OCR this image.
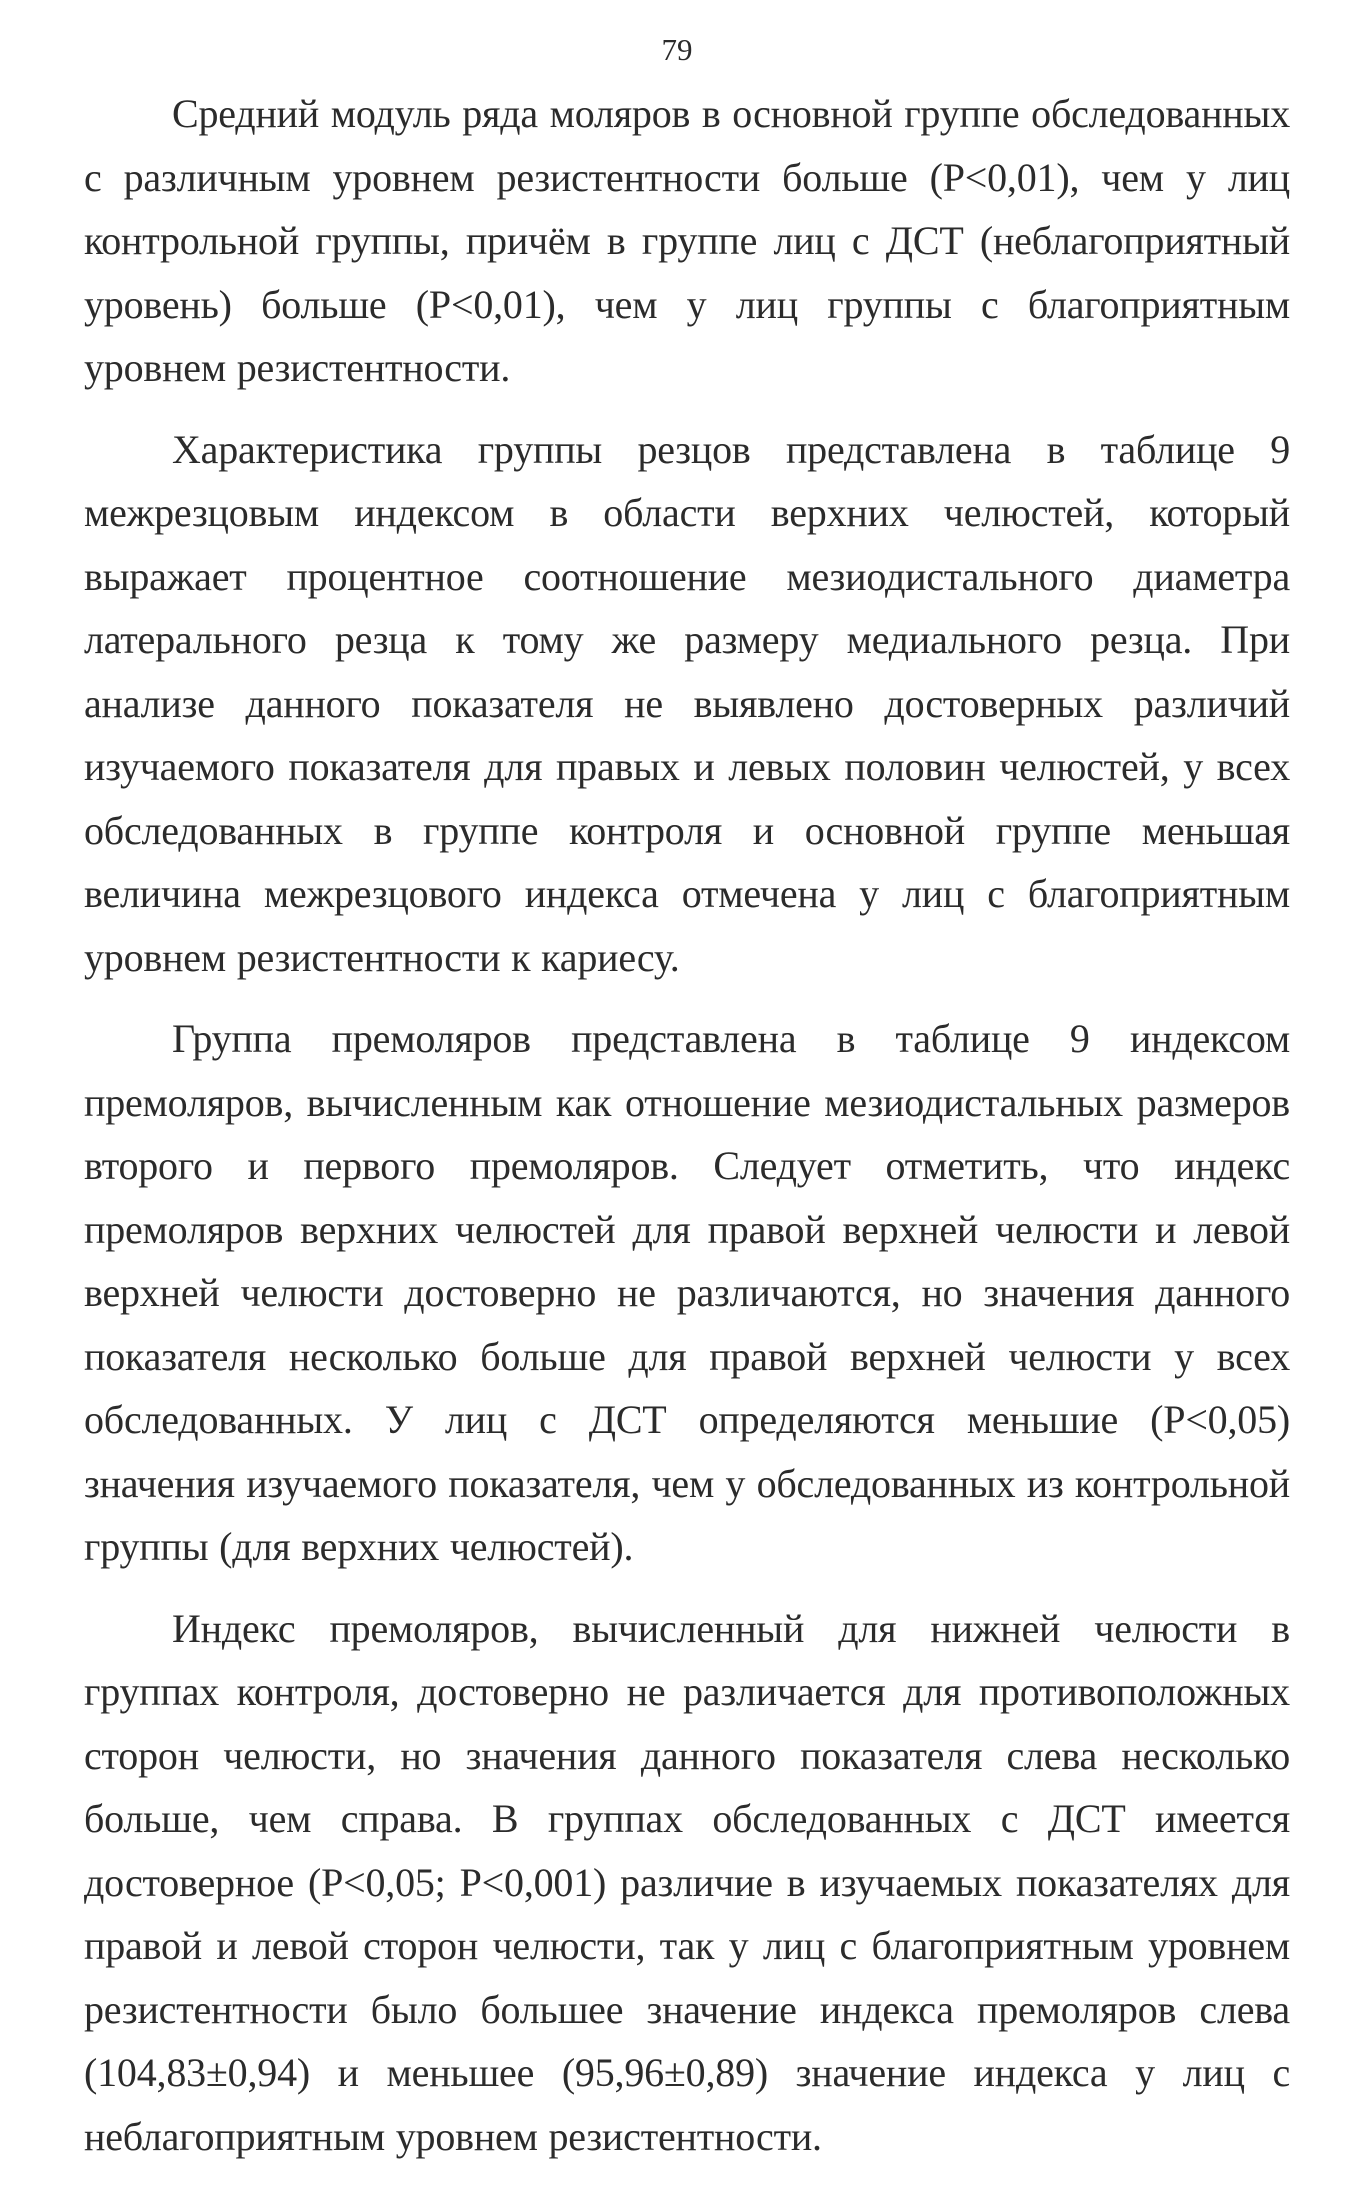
79

Средний модуль ряда моляров в основной группе обследованных с различным уровнем резистентности больше (Р<0,01), чем у лиц контрольной группы, причём в группе лиц с ДСТ (неблагоприятный уровень) больше (Р<0,01), чем у лиц группы с благоприятным уровнем резистентности.

Характеристика группы резцов представлена в таблице 9 межрезцовым индексом в области верхних челюстей, который выражает процентное соотношение мезиодистального диаметра латерального резца к тому же размеру медиального резца. При анализе данного показателя не выявлено достоверных различий изучаемого показателя для правых и левых половин челюстей, у всех обследованных в группе контроля и основной группе меньшая величина межрезцового индекса отмечена у лиц с благоприятным уровнем резистентности к кариесу.

Группа премоляров представлена в таблице 9 индексом премоляров, вычисленным как отношение мезиодистальных размеров второго и первого премоляров. Следует отметить, что индекс премоляров верхних челюстей для правой верхней челюсти и левой верхней челюсти достоверно не различаются, но значения данного показателя несколько больше для правой верхней челюсти у всех обследованных. У лиц с ДСТ определяются меньшие (Р<0,05) значения изучаемого показателя, чем у обследованных из контрольной группы (для верхних челюстей).

Индекс премоляров, вычисленный для нижней челюсти в группах контроля, достоверно не различается для противоположных сторон челюсти, но значения данного показателя слева несколько больше, чем справа. В группах обследованных с ДСТ имеется достоверное (Р<0,05; Р<0,001) различие в изучаемых показателях для правой и левой сторон челюсти, так у лиц с благоприятным уровнем резистентности было большее значение индекса премоляров слева (104,83±0,94) и меньшее (95,96±0,89) значение индекса у лиц с неблагоприятным уровнем резистентности.
